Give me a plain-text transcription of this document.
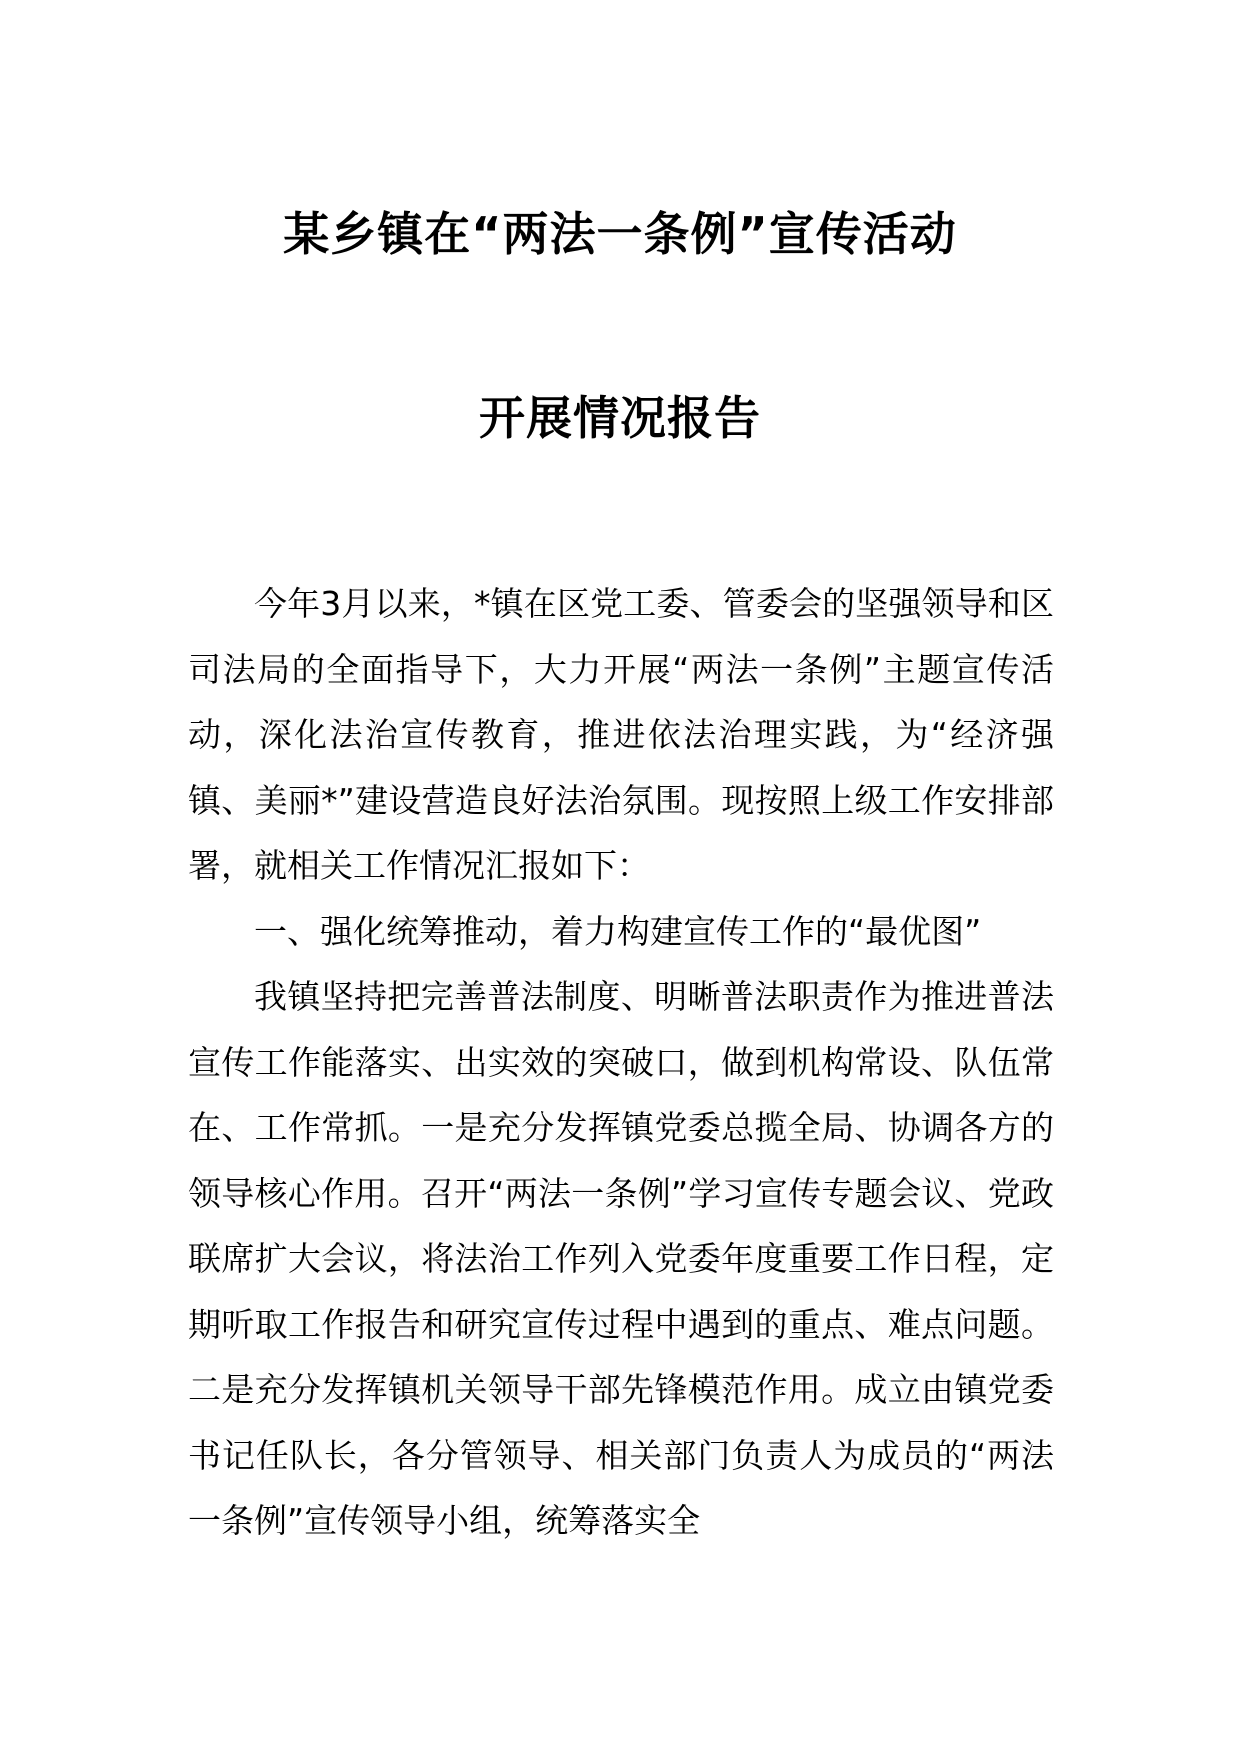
某乡镇在“两法一条例”宣传活动
开展情况报告

今年3月以来，*镇在区党工委、管委会的坚强领导和区司法局的全面指导下，大力开展“两法一条例”主题宣传活动，深化法治宣传教育，推进依法治理实践，为“经济强镇、美丽*”建设营造良好法治氛围。现按照上级工作安排部署，就相关工作情况汇报如下：

一、强化统筹推动，着力构建宣传工作的“最优图”

我镇坚持把完善普法制度、明晰普法职责作为推进普法宣传工作能落实、出实效的突破口，做到机构常设、队伍常在、工作常抓。一是充分发挥镇党委总揽全局、协调各方的领导核心作用。召开“两法一条例”学习宣传专题会议、党政联席扩大会议，将法治工作列入党委年度重要工作日程，定期听取工作报告和研究宣传过程中遇到的重点、难点问题。二是充分发挥镇机关领导干部先锋模范作用。成立由镇党委书记任队长，各分管领导、相关部门负责人为成员的“两法一条例”宣传领导小组，统筹落实全
